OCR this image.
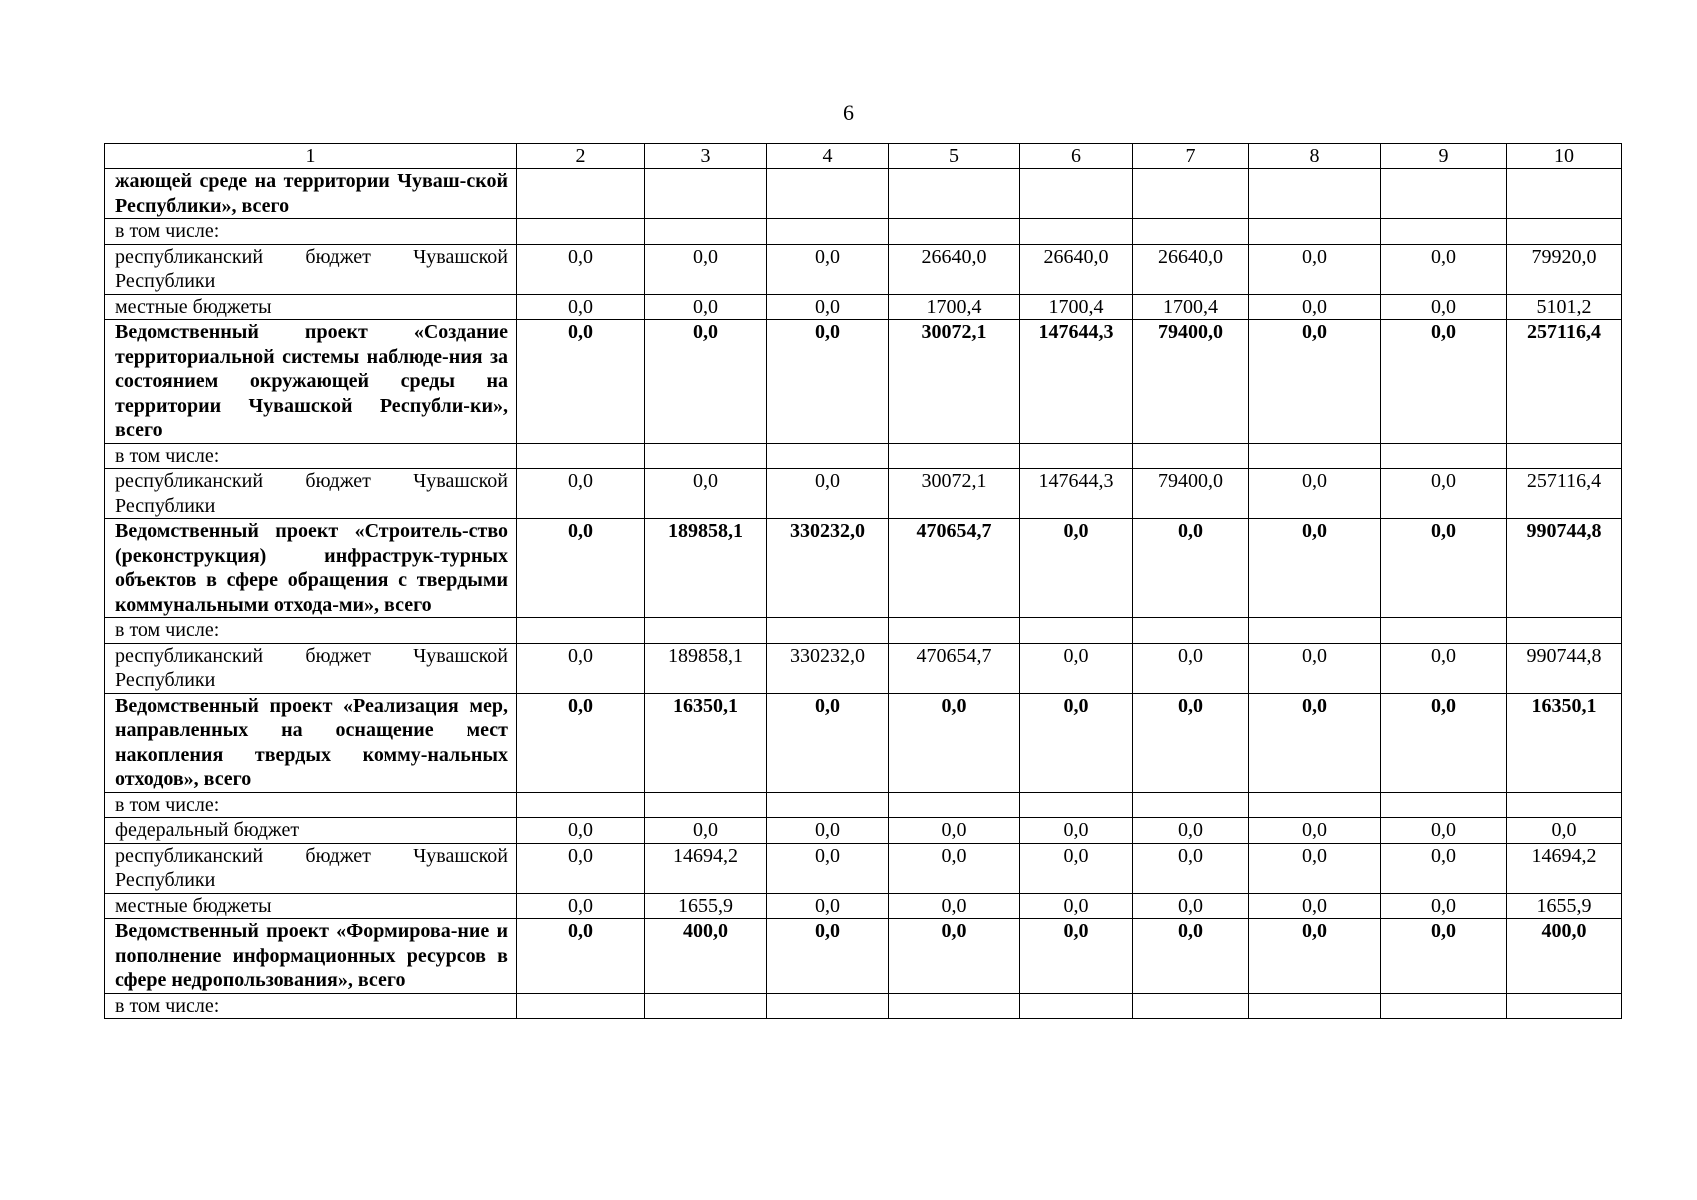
6
1	2	3	4	5	6	7	8	9	10
жающей среде на территории Чуваш-ской Республики», всего									
в том числе:									
республиканский бюджет Чувашской Республики	0,0	0,0	0,0	26640,0	26640,0	26640,0	0,0	0,0	79920,0
местные бюджеты	0,0	0,0	0,0	1700,4	1700,4	1700,4	0,0	0,0	5101,2
Ведомственный проект «Создание территориальной системы наблюде-ния за состоянием окружающей среды на территории Чувашской Республи-ки», всего	0,0	0,0	0,0	30072,1	147644,3	79400,0	0,0	0,0	257116,4
в том числе:									
республиканский бюджет Чувашской Республики	0,0	0,0	0,0	30072,1	147644,3	79400,0	0,0	0,0	257116,4
Ведомственный проект «Строитель-ство (реконструкция) инфраструк-турных объектов в сфере обращения с твердыми коммунальными отхода-ми», всего	0,0	189858,1	330232,0	470654,7	0,0	0,0	0,0	0,0	990744,8
в том числе:									
республиканский бюджет Чувашской Республики	0,0	189858,1	330232,0	470654,7	0,0	0,0	0,0	0,0	990744,8
Ведомственный проект «Реализация мер, направленных на оснащение мест накопления твердых комму-нальных отходов», всего	0,0	16350,1	0,0	0,0	0,0	0,0	0,0	0,0	16350,1
в том числе:									
федеральный бюджет	0,0	0,0	0,0	0,0	0,0	0,0	0,0	0,0	0,0
республиканский бюджет Чувашской Республики	0,0	14694,2	0,0	0,0	0,0	0,0	0,0	0,0	14694,2
местные бюджеты	0,0	1655,9	0,0	0,0	0,0	0,0	0,0	0,0	1655,9
Ведомственный проект «Формирова-ние и пополнение информационных ресурсов в сфере недропользования», всего	0,0	400,0	0,0	0,0	0,0	0,0	0,0	0,0	400,0
в том числе:									
